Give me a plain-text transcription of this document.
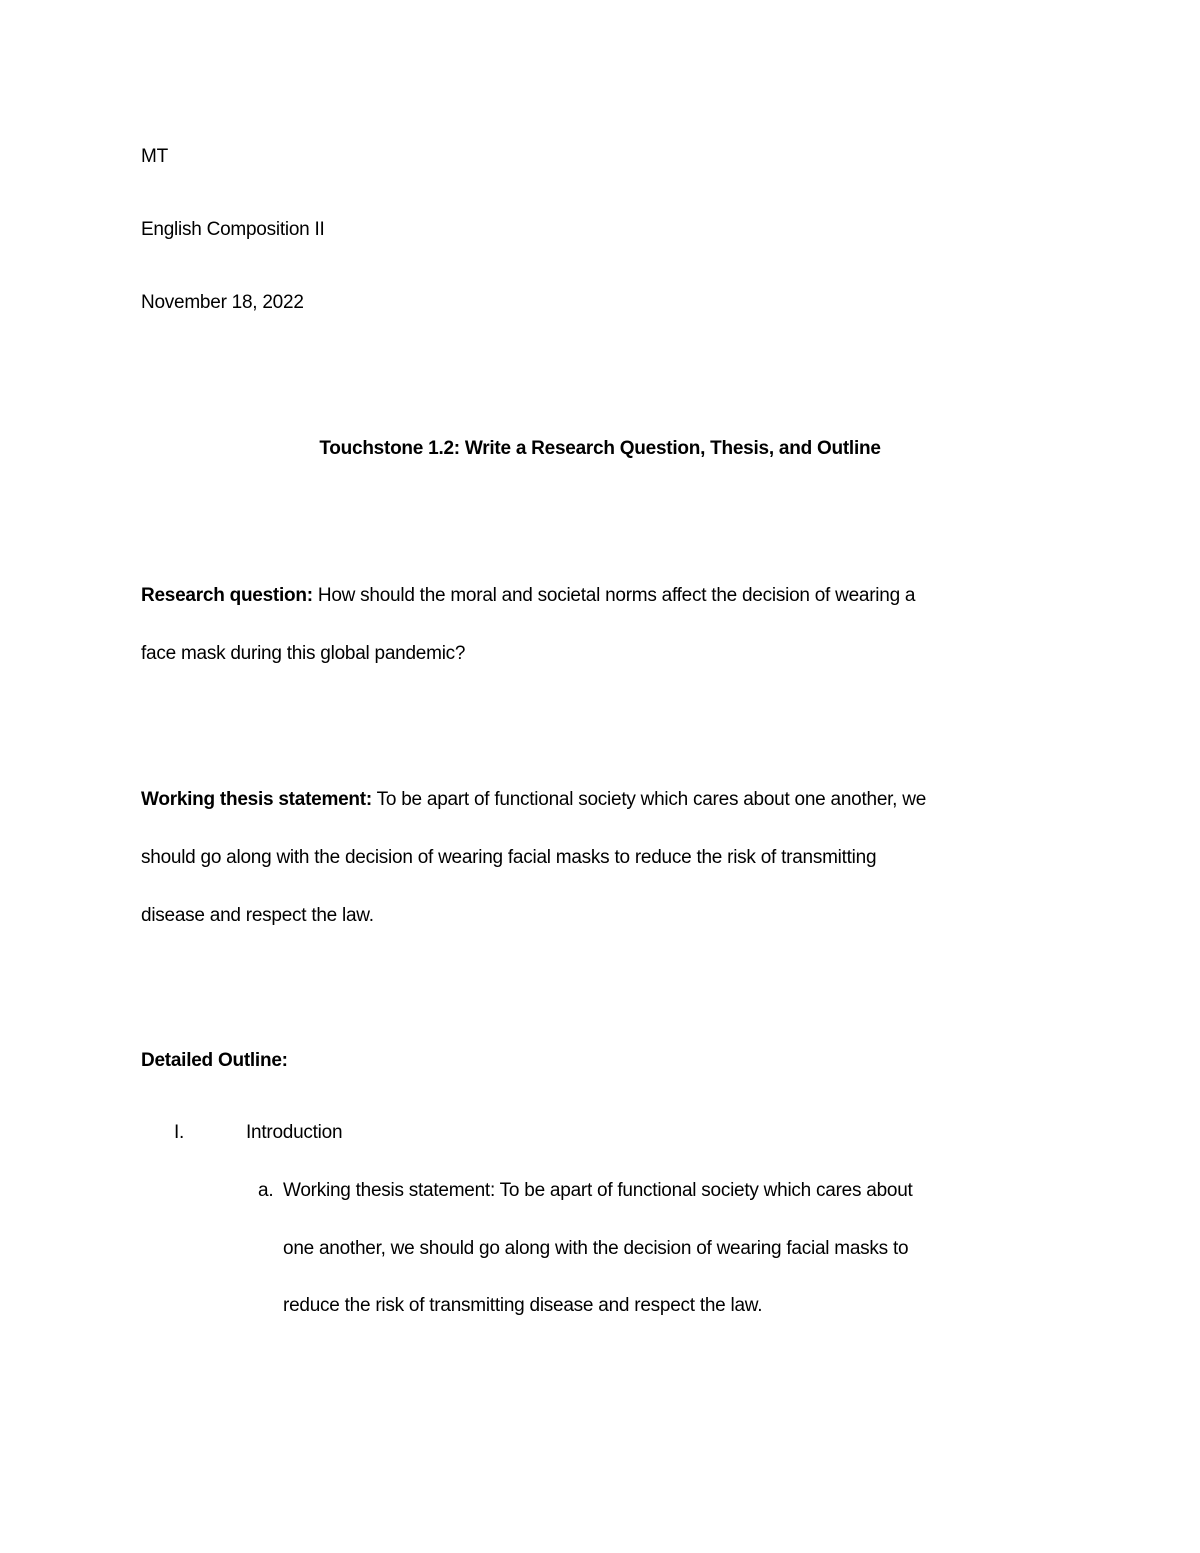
MT
English Composition II
November 18, 2022
Touchstone 1.2: Write a Research Question, Thesis, and Outline
Research question: How should the moral and societal norms affect the decision of wearing a
face mask during this global pandemic?
Working thesis statement: To be apart of functional society which cares about one another, we
should go along with the decision of wearing facial masks to reduce the risk of transmitting
disease and respect the law.
Detailed Outline:
I.	Introduction
a. Working thesis statement: To be apart of functional society which cares about
one another, we should go along with the decision of wearing facial masks to
reduce the risk of transmitting disease and respect the law.
